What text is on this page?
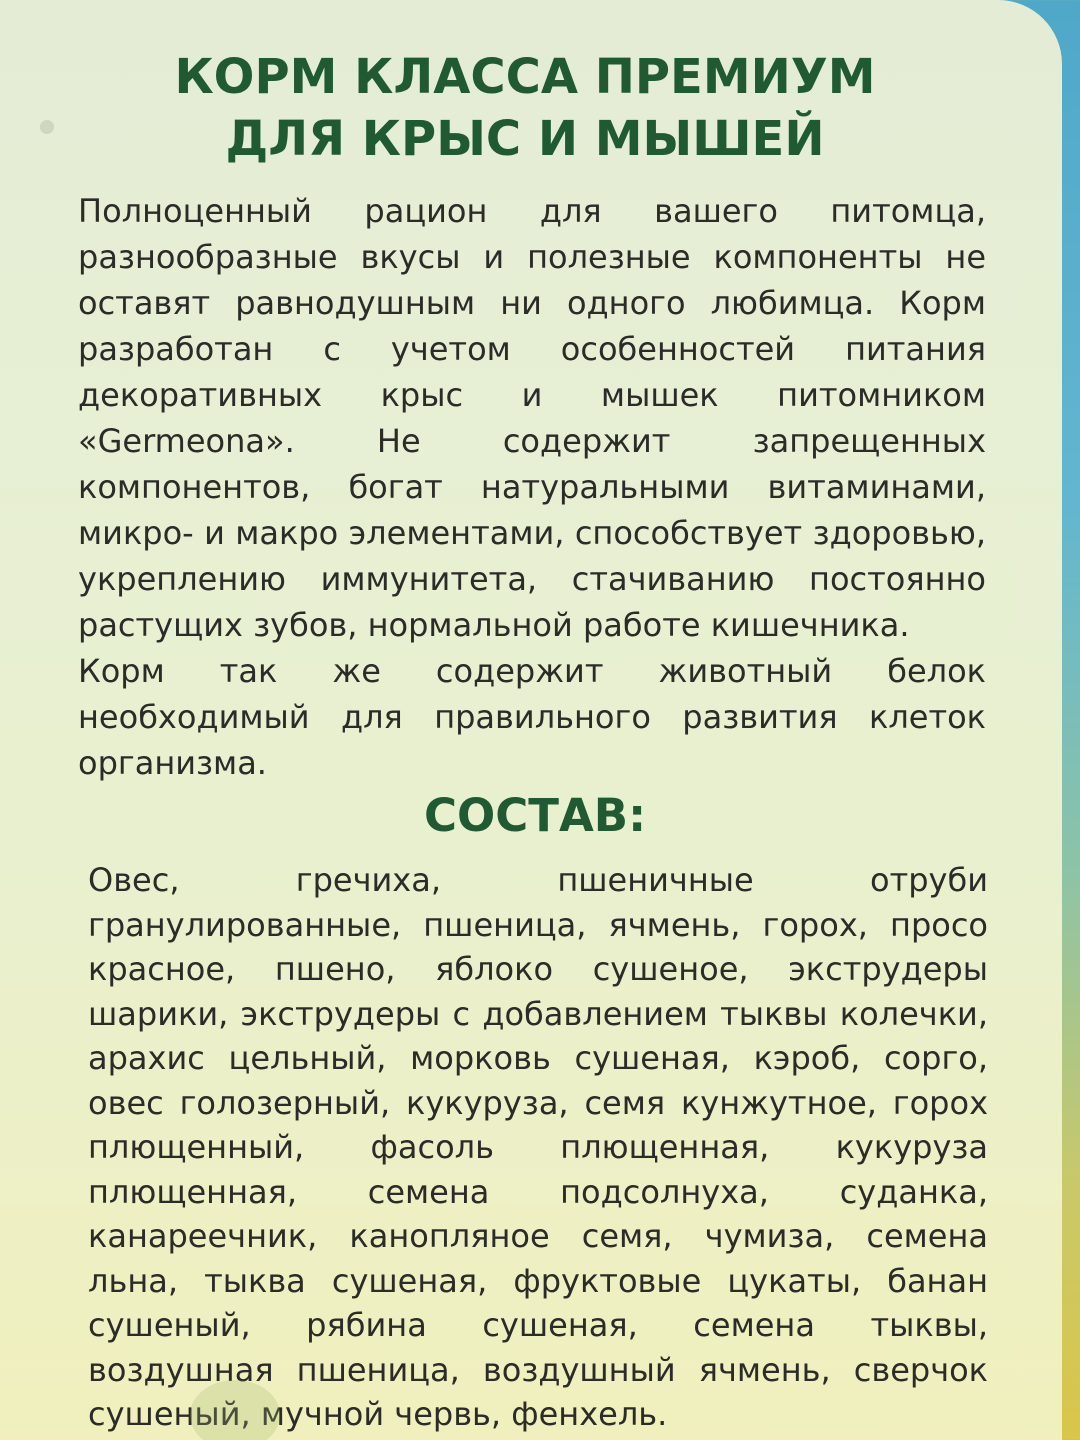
КОРМ КЛАССА ПРЕМИУМ
ДЛЯ КРЫС И МЫШЕЙ

Полноценный рацион для вашего питомца, разнообразные вкусы и полезные компоненты не оставят равнодушным ни одного любимца. Корм разработан с учетом особенностей питания декоративных крыс и мышек питомником «Germeona». Не содержит запрещенных компонентов, богат натуральными витаминами, микро- и макро элементами, способствует здоровью, укреплению иммунитета, стачиванию постоянно растущих зубов, нормальной работе кишечника.

Корм так же содержит животный белок необходимый для правильного развития клеток организма.

СОСТАВ:

Овес, гречиха, пшеничные отруби гранулированные, пшеница, ячмень, горох, просо красное, пшено, яблоко сушеное, экструдеры шарики, экструдеры с добавлением тыквы колечки, арахис цельный, морковь сушеная, кэроб, сорго, овес голозерный, кукуруза, семя кунжутное, горох плющенный, фасоль плющенная, кукуруза плющенная, семена подсолнуха, суданка, канареечник, канопляное семя, чумиза, семена льна, тыква сушеная, фруктовые цукаты, банан сушеный, рябина сушеная, семена тыквы, воздушная пшеница, воздушный ячмень, сверчок сушеный, мучной червь, фенхель.
